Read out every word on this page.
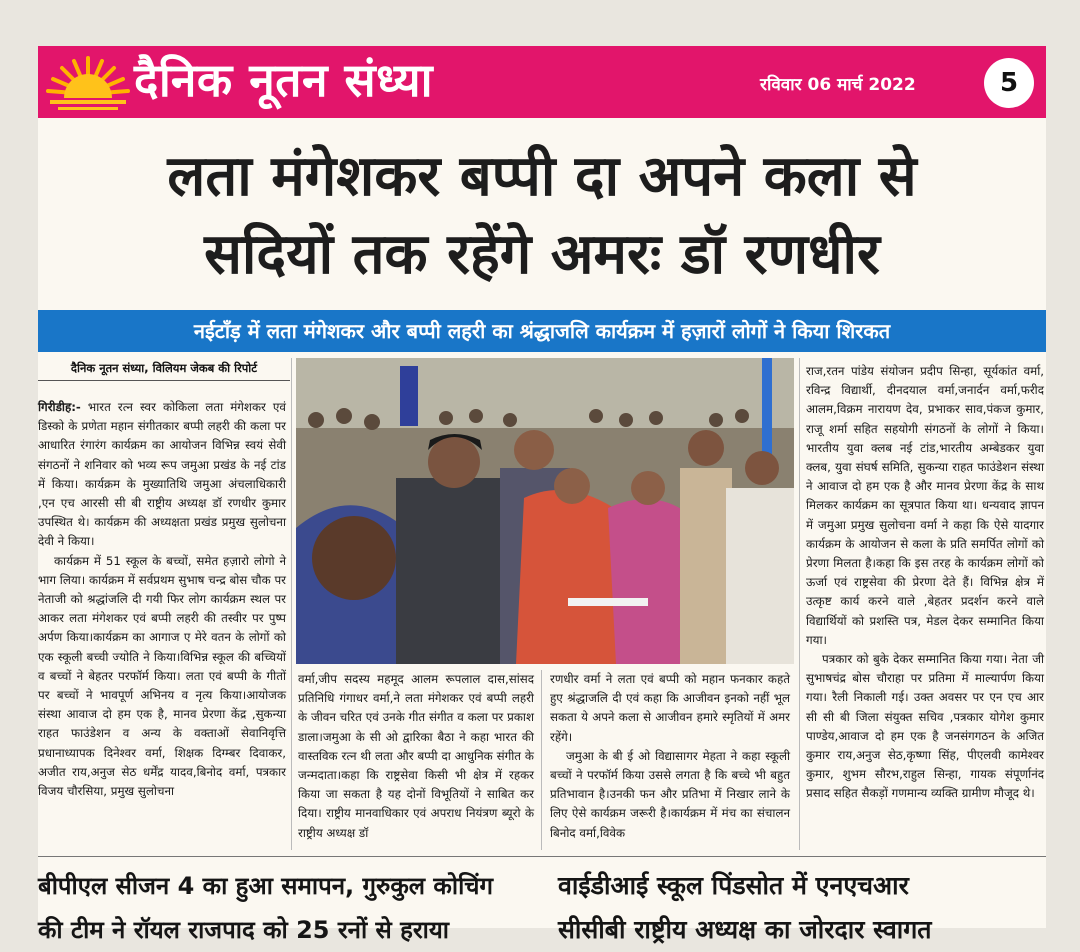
दैनिक नूतन संध्या	रविवार 06 मार्च 2022	5
लता मंगेशकर बप्पी दा अपने कला से
सदियों तक रहेंगे अमरः डॉ रणधीर
नईटाँड़ में लता मंगेशकर और बप्पी लहरी का श्रंद्धाजलि कार्यक्रम में हज़ारों लोगों ने किया शिरकत
दैनिक नूतन संध्या, विलियम जेकब की रिपोर्ट

गिरीडीह:- भारत रत्न स्वर कोकिला लता मंगेशकर एवं डिस्को के प्रणेता महान संगीतकार बप्पी लहरी की कला पर आधारित रंगारंग कार्यक्रम का आयोजन विभिन्न स्वयं सेवी संगठनों ने शनिवार को भव्य रूप जमुआ प्रखंड के नई टांड में किया। कार्यक्रम के मुख्यातिथि जमुआ अंचलाधिकारी ,एन एच आरसी सी बी राष्ट्रीय अध्यक्ष डॉ रणधीर कुमार उपस्थित थे। कार्यक्रम की अध्यक्षता प्रखंड प्रमुख सुलोचना देवी ने किया।

कार्यक्रम में 51 स्कूल के बच्चों, समेत हज़ारो लोगो ने भाग लिया। कार्यक्रम में सर्वप्रथम सुभाष चन्द्र बोस चौक पर नेताजी को श्रद्धांजलि दी गयी फिर लोग कार्यक्रम स्थल पर आकर लता मंगेशकर एवं बप्पी लहरी की तस्वीर पर पुष्प अर्पण किया।कार्यक्रम का आगाज ए मेरे वतन के लोगों को एक स्कूली बच्ची ज्योति ने किया।विभिन्न स्कूल की बच्चियों व बच्चों ने बेहतर परफॉर्म किया। लता एवं बप्पी के गीतों पर बच्चों ने भावपूर्ण अभिनय व नृत्य किया।आयोजक संस्था आवाज दो हम एक है, मानव प्रेरणा केंद्र ,सुकन्या राहत फाउंडेशन व अन्य के वक्ताओं सेवानिवृत्ति प्रधानाध्यापक दिनेश्वर वर्मा, शिक्षक दिग्म्बर दिवाकर, अजीत राय,अनुज सेठ धर्मेंद्र यादव,बिनोद वर्मा, पत्रकार विजय चौरसिया, प्रमुख सुलोचना

वर्मा,जीप सदस्य महमूद आलम रूपलाल दास,सांसद प्रतिनिधि गंगाधर वर्मा,ने लता मंगेशकर एवं बप्पी लहरी के जीवन चरित एवं उनके गीत संगीत व कला पर प्रकाश डाला।जमुआ के सी ओ द्वारिका बैठा ने कहा भारत की वास्तविक रत्न थी लता और बप्पी दा आधुनिक संगीत के जन्मदाता।कहा कि राष्ट्रसेवा किसी भी क्षेत्र में रहकर किया जा सकता है यह दोनों विभूतियों ने साबित कर दिया। राष्ट्रीय मानवाधिकार एवं अपराध नियंत्रण ब्यूरो के राष्ट्रीय अध्यक्ष डॉ

रणधीर वर्मा ने लता एवं बप्पी को महान फनकार कहते हुए श्रंद्धाजलि दी एवं कहा कि आजीवन इनको नहीं भूल सकता ये अपने कला से आजीवन हमारे स्मृतियों में अमर रहेंगे।

जमुआ के बी ई ओ विद्यासागर मेहता ने कहा स्कूली बच्चों ने परफॉर्म किया उससे लगता है कि बच्चे भी बहुत प्रतिभावान है।उनकी फन और प्रतिभा में निखार लाने के लिए ऐसे कार्यक्रम जरूरी है।कार्यक्रम में मंच का संचालन बिनोद वर्मा,विवेक

राज,रतन पांडेय संयोजन प्रदीप सिन्हा, सूर्यकांत वर्मा, रविन्द्र विद्यार्थी, दीनदयाल वर्मा,जनार्दन वर्मा,फरीद आलम,विक्रम नारायण देव, प्रभाकर साव,पंकज कुमार, राजू शर्मा सहित सहयोगी संगठनों के लोगों ने किया। भारतीय युवा क्लब नई टांड,भारतीय अम्बेडकर युवा क्लब, युवा संघर्ष समिति, सुकन्या राहत फाउंडेशन संस्था ने आवाज दो हम एक है और मानव प्रेरणा केंद्र के साथ मिलकर कार्यक्रम का सूत्रपात किया था। धन्यवाद ज्ञापन में जमुआ प्रमुख सुलोचना वर्मा ने कहा कि ऐसे यादगार कार्यक्रम के आयोजन से कला के प्रति समर्पित लोगों को प्रेरणा मिलता है।कहा कि इस तरह के कार्यक्रम लोगों को ऊर्जा एवं राष्ट्रसेवा की प्रेरणा देते हैं। विभिन्न क्षेत्र में उत्कृष्ट कार्य करने वाले ,बेहतर प्रदर्शन करने वाले विद्यार्थियों को प्रशस्ति पत्र, मेडल देकर सम्मानित किया गया।

पत्रकार को बुके देकर सम्मानित किया गया। नेता जी सुभाषचंद्र बोस चौराहा पर प्रतिमा में माल्यार्पण किया गया। रैली निकाली गई। उक्त अवसर पर एन एच आर सी सी बी जिला संयुक्त सचिव ,पत्रकार योगेश कुमार पाण्डेय,आवाज दो हम एक है जनसंगगठन के अजित कुमार राय,अनुज सेठ,कृष्णा सिंह, पीएलवी कामेश्वर कुमार, शुभम सौरभ,राहुल सिन्हा, गायक संपूर्णानंद प्रसाद सहित सैकड़ों गणमान्य व्यक्ति ग्रामीण मौजूद थे।

बीपीएल सीजन 4 का हुआ समापन, गुरुकुल कोचिंग
की टीम ने रॉयल राजपाद को 25 रनों से हराया
वाईडीआई स्कूल पिंडसोत में एनएचआर
सीसीबी राष्ट्रीय अध्यक्ष का जोरदार स्वागत
